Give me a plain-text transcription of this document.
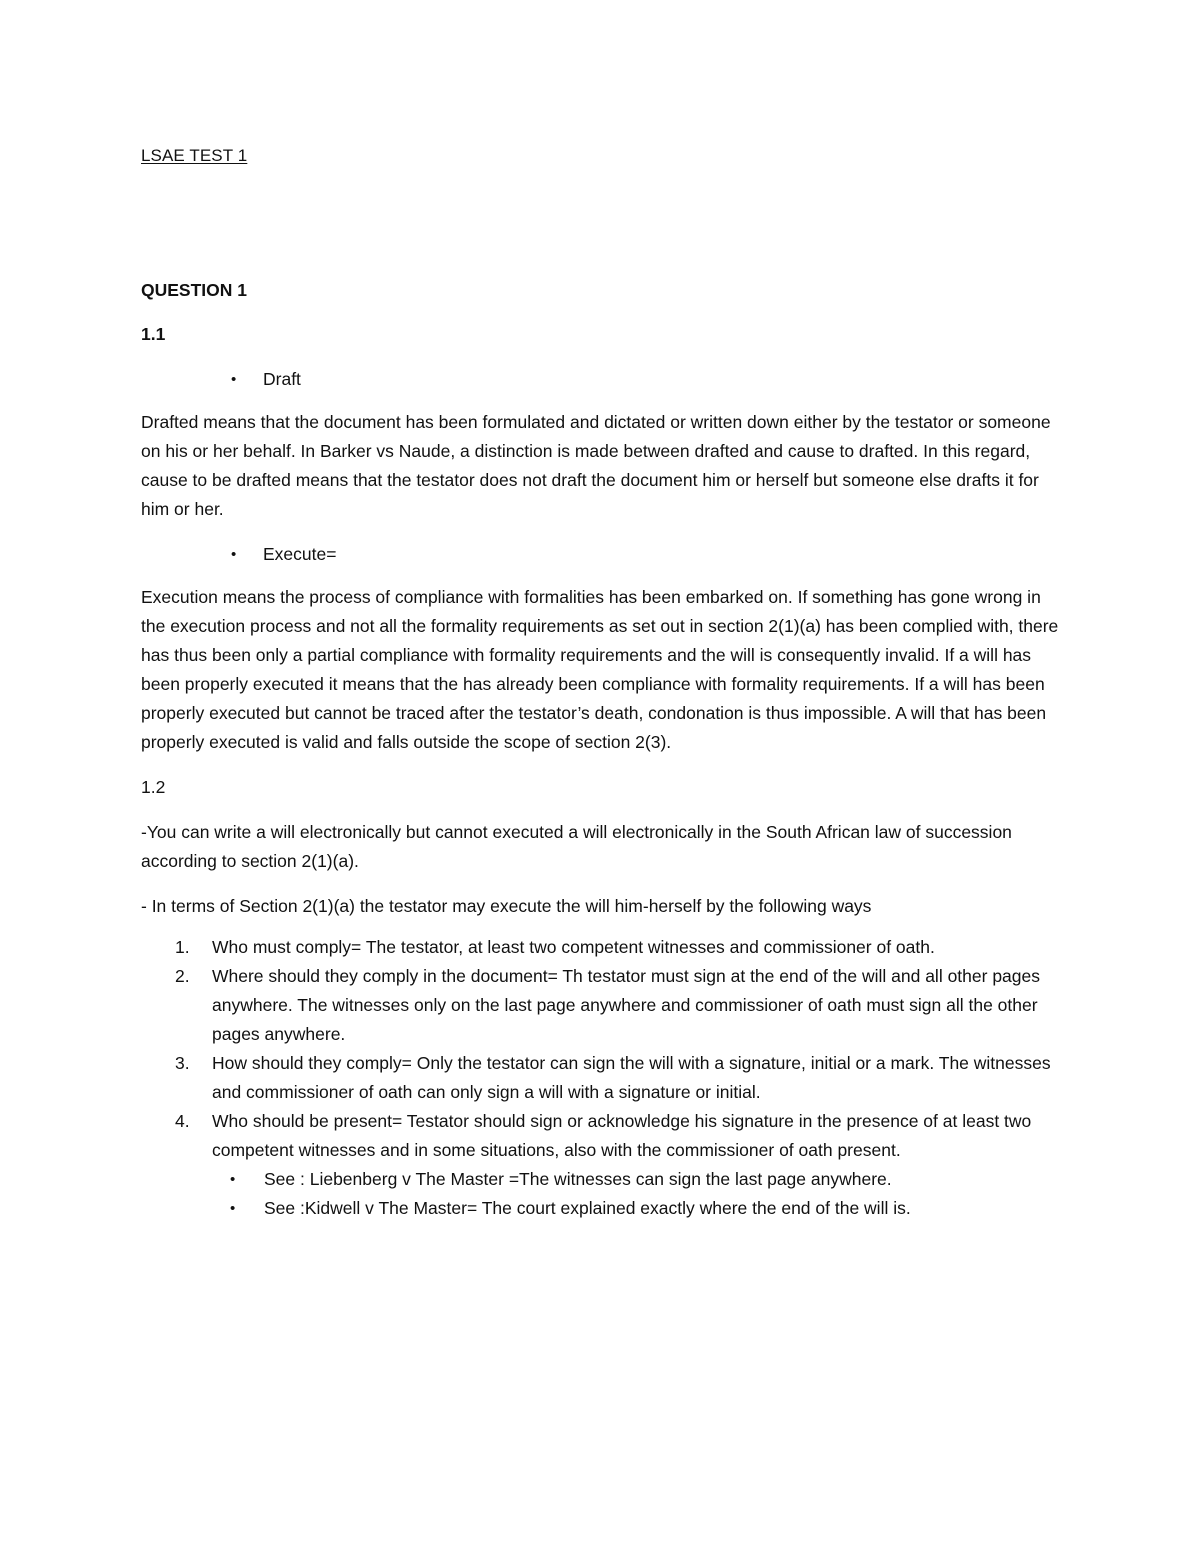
LSAE TEST 1
QUESTION 1
1.1
• Draft

Drafted means that the document has been formulated and dictated or written down either by the testator or someone on his or her behalf. In Barker vs Naude, a distinction is made between drafted and cause to drafted. In this regard, cause to be drafted means that the testator does not draft the document him or herself but someone else drafts it for him or her.

• Execute=

Execution means the process of compliance with formalities has been embarked on. If something has gone wrong in the execution process and not all the formality requirements as set out in section 2(1)(a) has been complied with, there has thus been only a partial compliance with formality requirements and the will is consequently invalid. If a will has been properly executed it means that the has already been compliance with formality requirements. If a will has been properly executed but cannot be traced after the testator’s death, condonation is thus impossible. A will that has been properly executed is valid and falls outside the scope of section 2(3).

1.2

-You can write a will electronically but cannot executed a will electronically in the South African law of succession according to section 2(1)(a).

- In terms of Section 2(1)(a) the testator may execute the will him-herself by the following ways

1. Who must comply= The testator, at least two competent witnesses and commissioner of oath.
2. Where should they comply in the document= Th testator must sign at the end of the will and all other pages anywhere. The witnesses only on the last page anywhere and commissioner of oath must sign all the other pages anywhere.
3. How should they comply= Only the testator can sign the will with a signature, initial or a mark. The witnesses and commissioner of oath can only sign a will with a signature or initial.
4. Who should be present= Testator should sign or acknowledge his signature in the presence of at least two competent witnesses and in some situations, also with the commissioner of oath present.
• See : Liebenberg v The Master =The witnesses can sign the last page anywhere.
• See :Kidwell v The Master= The court explained exactly where the end of the will is.
